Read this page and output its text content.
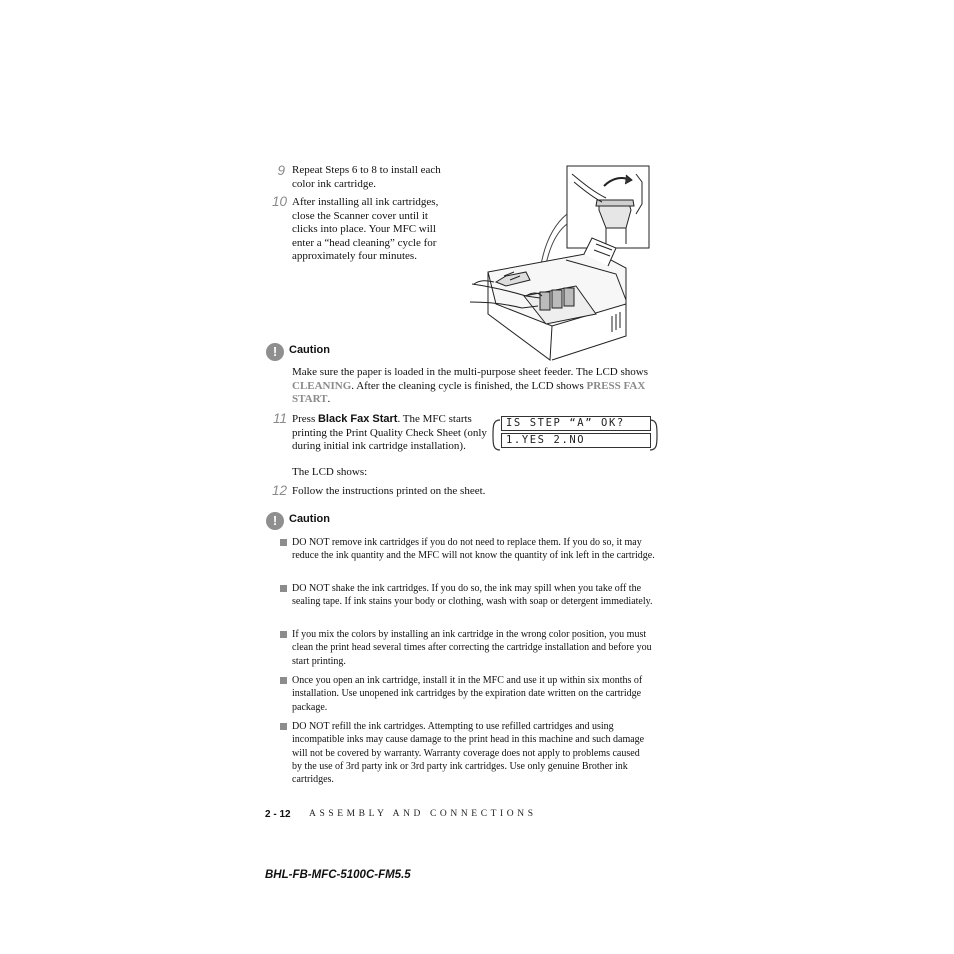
9 Repeat Steps 6 to 8 to install each color ink cartridge.
10 After installing all ink cartridges, close the Scanner cover until it clicks into place. Your MFC will enter a “head cleaning” cycle for approximately four minutes.
!	Caution
Make sure the paper is loaded in the multi-purpose sheet feeder. The LCD shows CLEANING. After the cleaning cycle is finished, the LCD shows PRESS FAX START.
11 Press Black Fax Start. The MFC starts printing the Print Quality Check Sheet (only during initial ink cartridge installation).
The LCD shows:
IS STEP “A” OK?
1.YES 2.NO
12 Follow the instructions printed on the sheet.
!	Caution
DO NOT remove ink cartridges if you do not need to replace them. If you do so, it may reduce the ink quantity and the MFC will not know the quantity of ink left in the cartridge.
DO NOT shake the ink cartridges. If you do so, the ink may spill when you take off the sealing tape. If ink stains your body or clothing, wash with soap or detergent immediately.
If you mix the colors by installing an ink cartridge in the wrong color position, you must clean the print head several times after correcting the cartridge installation and before you start printing.
Once you open an ink cartridge, install it in the MFC and use it up within six months of installation. Use unopened ink cartridges by the expiration date written on the cartridge package.
DO NOT refill the ink cartridges. Attempting to use refilled cartridges and using incompatible inks may cause damage to the print head in this machine and such damage will not be covered by warranty. Warranty coverage does not apply to problems caused by the use of 3rd party ink or 3rd party ink cartridges. Use only genuine Brother ink cartridges.
2 - 12 ASSEMBLY AND CONNECTIONS
BHL-FB-MFC-5100C-FM5.5
